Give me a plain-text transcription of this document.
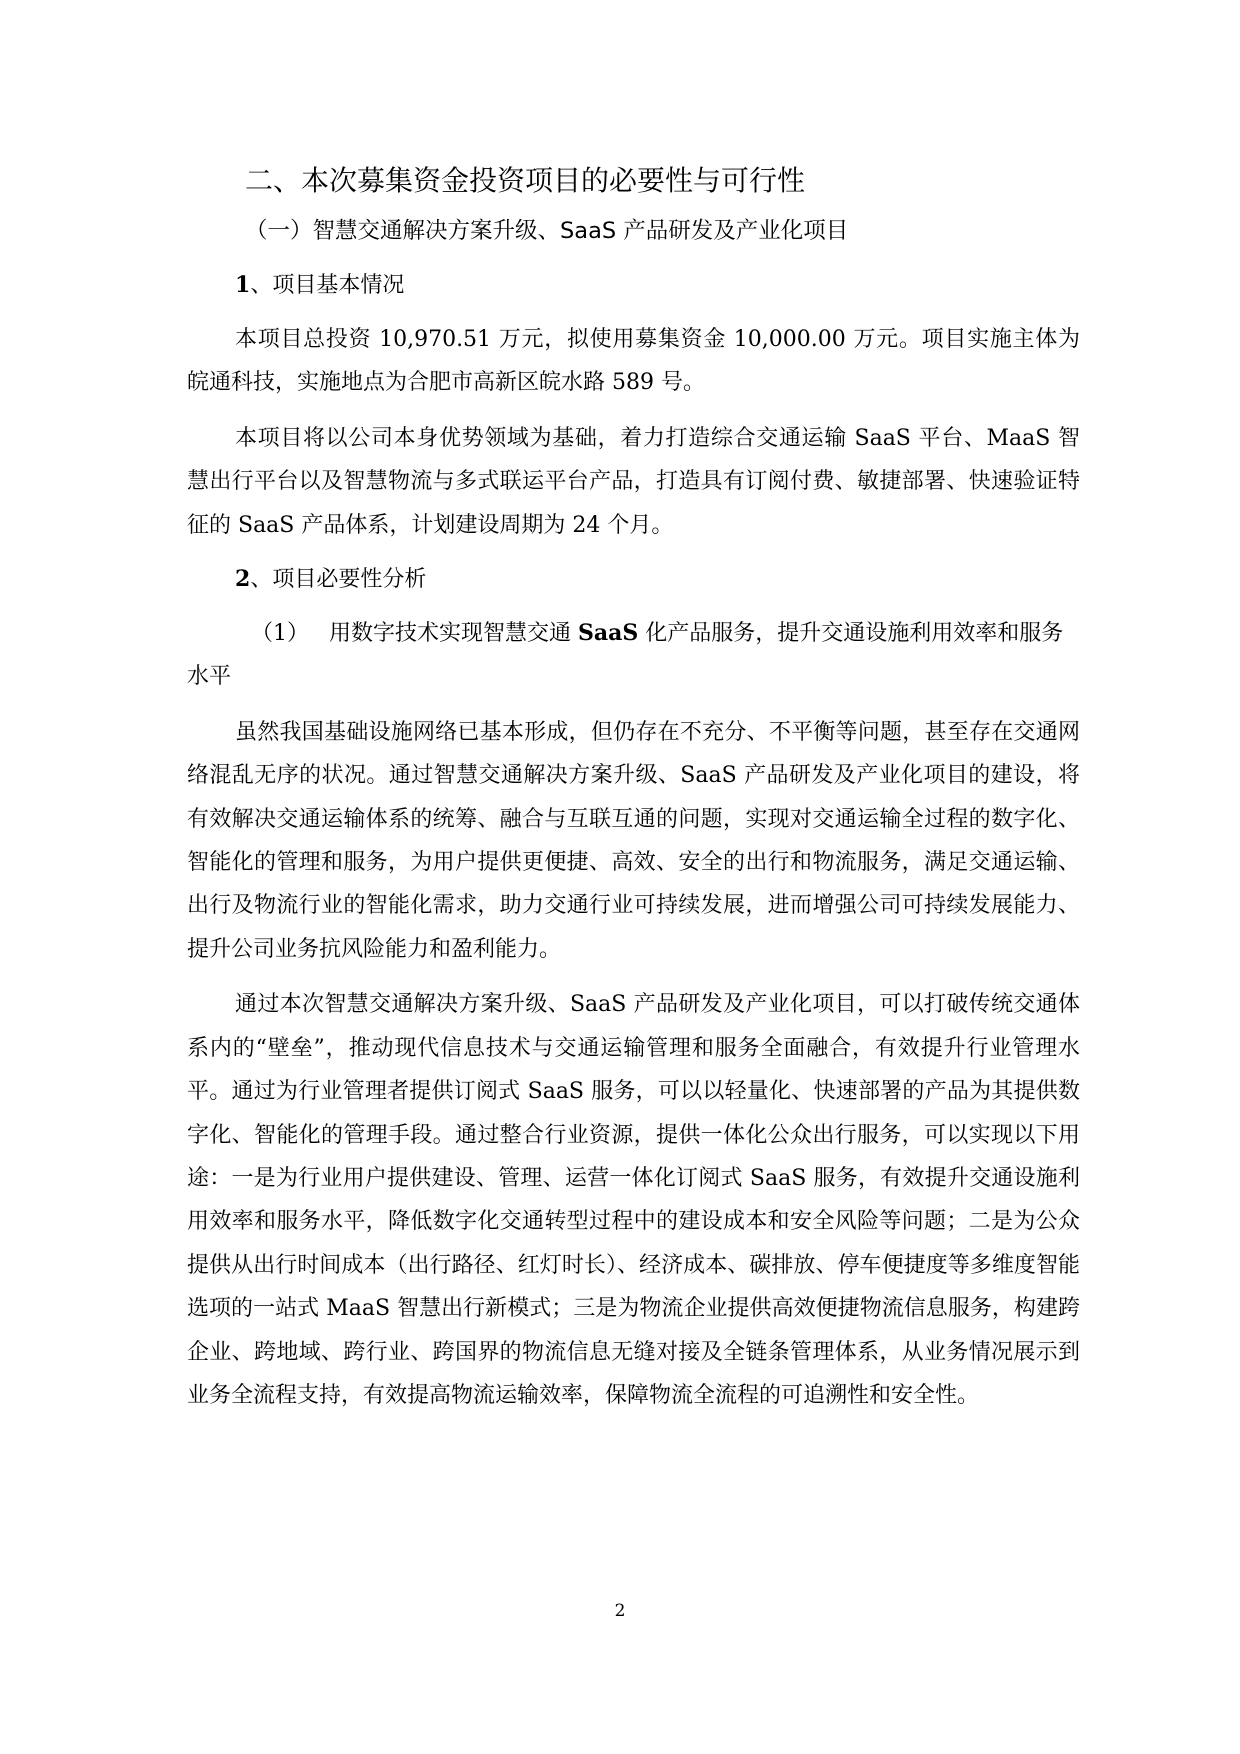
二、本次募集资金投资项目的必要性与可行性
（一）智慧交通解决方案升级、SaaS 产品研发及产业化项目
1、项目基本情况

本项目总投资 10,970.51 万元，拟使用募集资金 10,000.00 万元。项目实施主体为皖通科技，实施地点为合肥市高新区皖水路 589 号。

本项目将以公司本身优势领域为基础，着力打造综合交通运输 SaaS 平台、MaaS 智慧出行平台以及智慧物流与多式联运平台产品，打造具有订阅付费、敏捷部署、快速验证特征的 SaaS 产品体系，计划建设周期为 24 个月。

2、项目必要性分析

（1） 用数字技术实现智慧交通 SaaS 化产品服务，提升交通设施利用效率和服务水平

虽然我国基础设施网络已基本形成，但仍存在不充分、不平衡等问题，甚至存在交通网络混乱无序的状况。通过智慧交通解决方案升级、SaaS 产品研发及产业化项目的建设，将有效解决交通运输体系的统筹、融合与互联互通的问题，实现对交通运输全过程的数字化、智能化的管理和服务，为用户提供更便捷、高效、安全的出行和物流服务，满足交通运输、出行及物流行业的智能化需求，助力交通行业可持续发展，进而增强公司可持续发展能力、提升公司业务抗风险能力和盈利能力。

通过本次智慧交通解决方案升级、SaaS 产品研发及产业化项目，可以打破传统交通体系内的“壁垒”，推动现代信息技术与交通运输管理和服务全面融合，有效提升行业管理水平。通过为行业管理者提供订阅式 SaaS 服务，可以以轻量化、快速部署的产品为其提供数字化、智能化的管理手段。通过整合行业资源，提供一体化公众出行服务，可以实现以下用途：一是为行业用户提供建设、管理、运营一体化订阅式 SaaS 服务，有效提升交通设施利用效率和服务水平，降低数字化交通转型过程中的建设成本和安全风险等问题；二是为公众提供从出行时间成本（出行路径、红灯时长）、经济成本、碳排放、停车便捷度等多维度智能选项的一站式 MaaS 智慧出行新模式；三是为物流企业提供高效便捷物流信息服务，构建跨企业、跨地域、跨行业、跨国界的物流信息无缝对接及全链条管理体系，从业务情况展示到业务全流程支持，有效提高物流运输效率，保障物流全流程的可追溯性和安全性。

2
